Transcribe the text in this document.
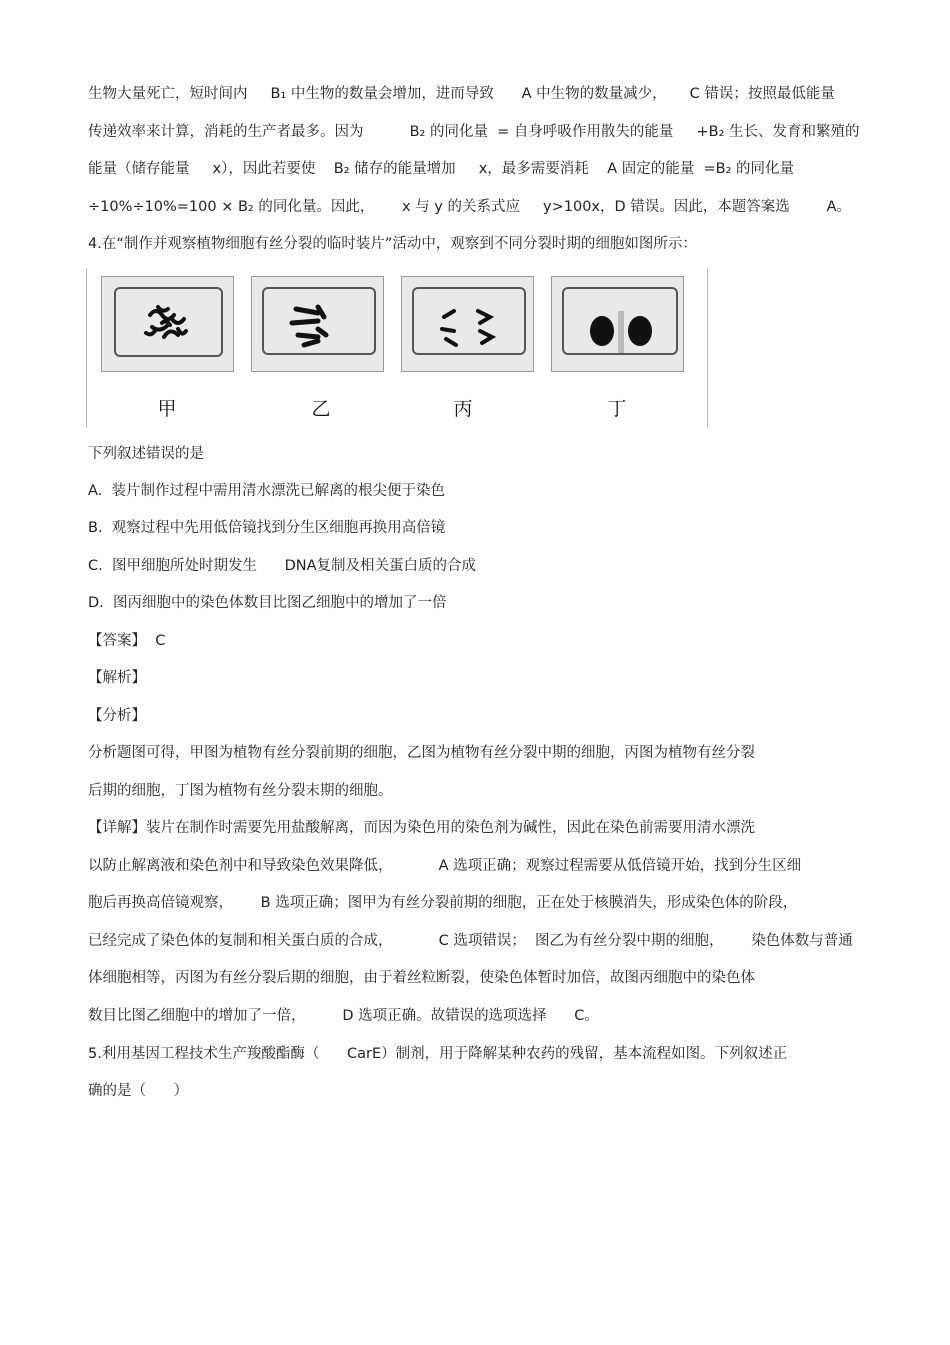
生物大量死亡，短时间内     B₁ 中生物的数量会增加，进而导致      A 中生物的数量减少，     C 错误；按照最低能量
传递效率来计算，消耗的生产者最多。因为          B₂ 的同化量  = 自身呼吸作用散失的能量     +B₂ 生长、发育和繁殖的
能量（储存能量     x），因此若要使    B₂ 储存的能量增加     x，最多需要消耗    A 固定的能量  =B₂ 的同化量
÷10%÷10%=100 × B₂ 的同化量。因此，      x 与 y 的关系式应     y>100x，D 错误。因此，本题答案选        A。
4.在“制作并观察植物细胞有丝分裂的临时装片”活动中，观察到不同分裂时期的细胞如图所示：
甲	乙	丙	丁
下列叙述错误的是
A.  装片制作过程中需用清水漂洗已解离的根尖便于染色
B.  观察过程中先用低倍镜找到分生区细胞再换用高倍镜
C.  图甲细胞所处时期发生      DNA复制及相关蛋白质的合成
D.  图丙细胞中的染色体数目比图乙细胞中的增加了一倍
【答案】  C
【解析】
【分析】
分析题图可得，甲图为植物有丝分裂前期的细胞，乙图为植物有丝分裂中期的细胞，丙图为植物有丝分裂
后期的细胞，丁图为植物有丝分裂末期的细胞。
【详解】装片在制作时需要先用盐酸解离，而因为染色用的染色剂为碱性，因此在染色前需要用清水漂洗
以防止解离液和染色剂中和导致染色效果降低，          A 选项正确；观察过程需要从低倍镜开始，找到分生区细
胞后再换高倍镜观察，      B 选项正确；图甲为有丝分裂前期的细胞，正在处于核膜消失，形成染色体的阶段，
已经完成了染色体的复制和相关蛋白质的合成，          C 选项错误；  图乙为有丝分裂中期的细胞，      染色体数与普通
体细胞相等，丙图为有丝分裂后期的细胞，由于着丝粒断裂，使染色体暂时加倍，故图丙细胞中的染色体
数目比图乙细胞中的增加了一倍，        D 选项正确。故错误的选项选择      C。
5.利用基因工程技术生产羧酸酯酶（      CarE）制剂，用于降解某种农药的残留，基本流程如图。下列叙述正
确的是（      ）
